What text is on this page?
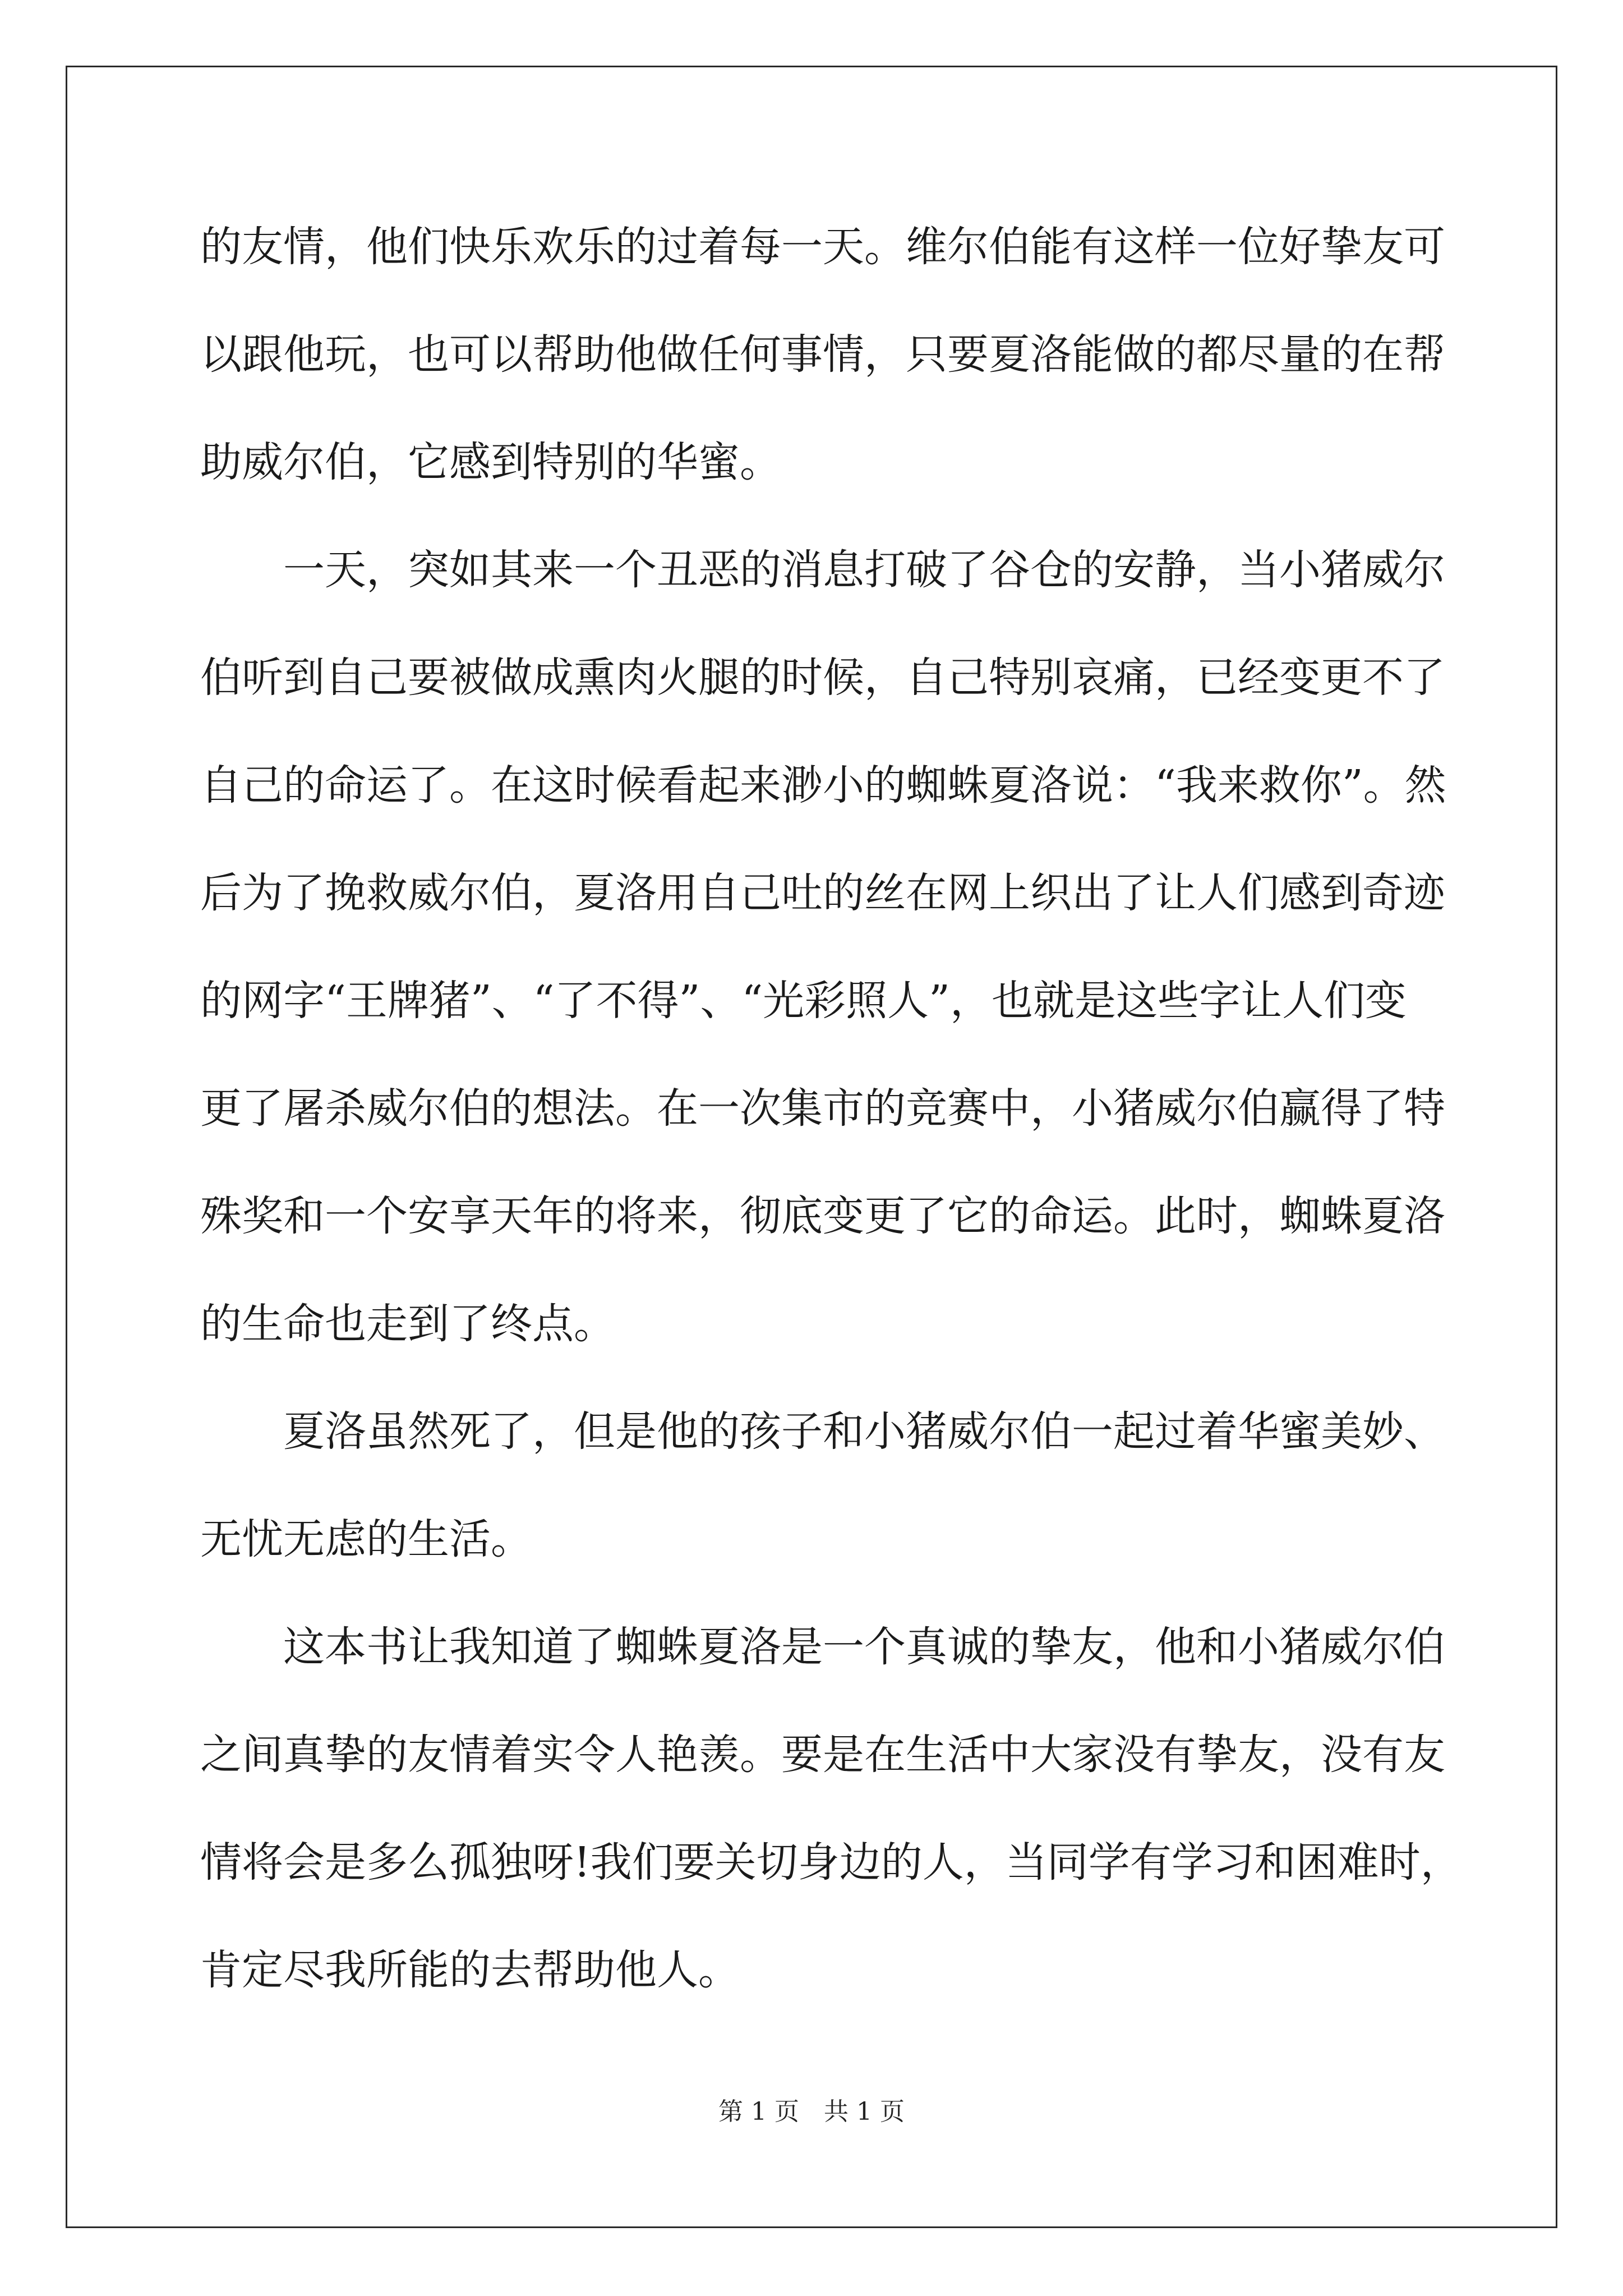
的友情，他们快乐欢乐的过着每一天。维尔伯能有这样一位好挚友可
以跟他玩，也可以帮助他做任何事情，只要夏洛能做的都尽量的在帮
助威尔伯，它感到特别的华蜜。
　　一天，突如其来一个丑恶的消息打破了谷仓的安静，当小猪威尔
伯听到自己要被做成熏肉火腿的时候，自己特别哀痛，已经变更不了
自己的命运了。在这时候看起来渺小的蜘蛛夏洛说：“我来救你”。然
后为了挽救威尔伯，夏洛用自己吐的丝在网上织出了让人们感到奇迹
的网字“王牌猪”、“了不得”、“光彩照人”，也就是这些字让人们变
更了屠杀威尔伯的想法。在一次集市的竞赛中，小猪威尔伯赢得了特
殊奖和一个安享天年的将来，彻底变更了它的命运。此时，蜘蛛夏洛
的生命也走到了终点。
　　夏洛虽然死了，但是他的孩子和小猪威尔伯一起过着华蜜美妙、
无忧无虑的生活。
　　这本书让我知道了蜘蛛夏洛是一个真诚的挚友，他和小猪威尔伯
之间真挚的友情着实令人艳羡。要是在生活中大家没有挚友，没有友
情将会是多么孤独呀!我们要关切身边的人，当同学有学习和困难时，
肯定尽我所能的去帮助他人。
第 1 页　共 1 页
